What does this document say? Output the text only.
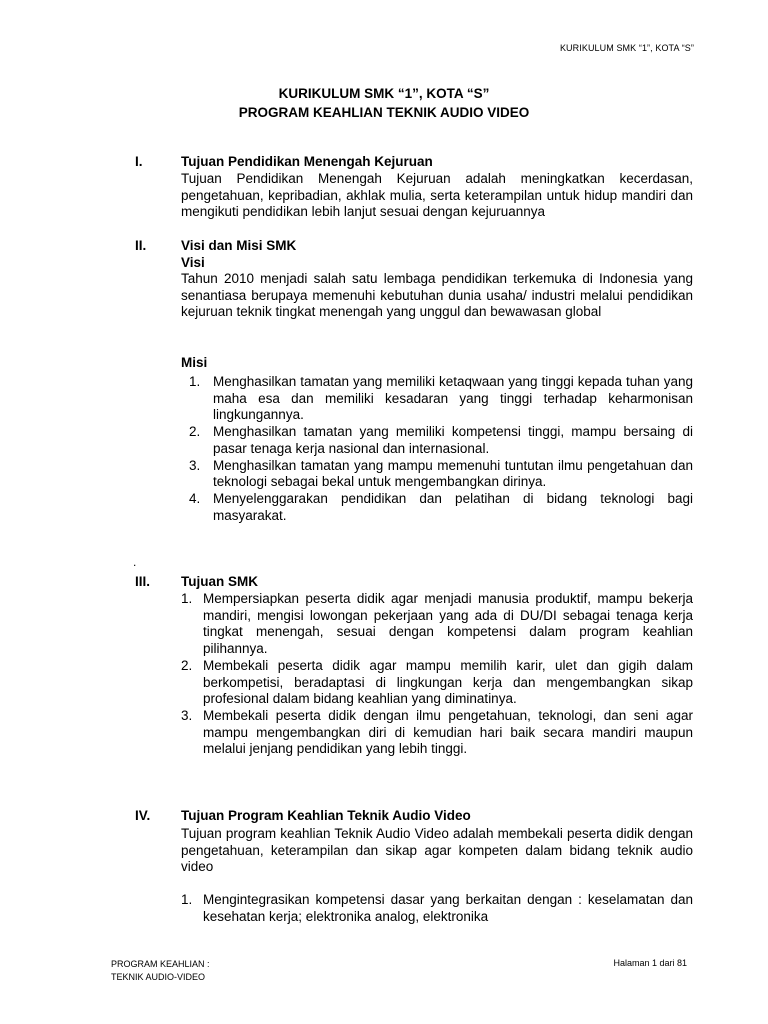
KURIKULUM SMK “1”, KOTA “S”
KURIKULUM SMK “1”, KOTA “S”
PROGRAM KEAHLIAN TEKNIK AUDIO VIDEO
I.	Tujuan Pendidikan Menengah Kejuruan
Tujuan Pendidikan Menengah Kejuruan adalah meningkatkan kecerdasan, pengetahuan, kepribadian, akhlak mulia, serta keterampilan untuk hidup mandiri dan mengikuti pendidikan lebih lanjut sesuai dengan kejuruannya
II.	Visi dan Misi SMK
Visi
Tahun 2010 menjadi salah satu lembaga pendidikan terkemuka di Indonesia yang senantiasa berupaya memenuhi kebutuhan dunia usaha/ industri melalui pendidikan kejuruan teknik tingkat menengah yang unggul dan bewawasan global
Misi
1. Menghasilkan tamatan yang memiliki ketaqwaan yang tinggi kepada tuhan yang maha esa dan memiliki kesadaran yang tinggi terhadap keharmonisan lingkungannya.
2. Menghasilkan tamatan yang memiliki kompetensi tinggi, mampu bersaing di pasar tenaga kerja nasional dan internasional.
3. Menghasilkan tamatan yang mampu memenuhi tuntutan ilmu pengetahuan dan teknologi sebagai bekal untuk mengembangkan dirinya.
4. Menyelenggarakan pendidikan dan pelatihan di bidang teknologi bagi masyarakat.
.
III. Tujuan SMK
1. Mempersiapkan peserta didik agar menjadi manusia produktif, mampu bekerja mandiri, mengisi lowongan pekerjaan yang ada di DU/DI sebagai tenaga kerja tingkat menengah, sesuai dengan kompetensi dalam program keahlian pilihannya.
2. Membekali peserta didik agar mampu memilih karir, ulet dan gigih dalam berkompetisi, beradaptasi di lingkungan kerja dan mengembangkan sikap profesional dalam bidang keahlian yang diminatinya.
3. Membekali peserta didik dengan ilmu pengetahuan, teknologi, dan seni agar mampu mengembangkan diri di kemudian hari baik secara mandiri maupun melalui jenjang pendidikan yang lebih tinggi.
IV. Tujuan Program Keahlian Teknik Audio Video
Tujuan program keahlian Teknik Audio Video adalah membekali peserta didik dengan pengetahuan, keterampilan dan sikap agar kompeten dalam bidang teknik audio video
1. Mengintegrasikan kompetensi dasar yang berkaitan dengan : keselamatan dan kesehatan kerja; elektronika analog, elektronika
PROGRAM KEAHLIAN :
TEKNIK AUDIO-VIDEO
Halaman 1 dari 81
